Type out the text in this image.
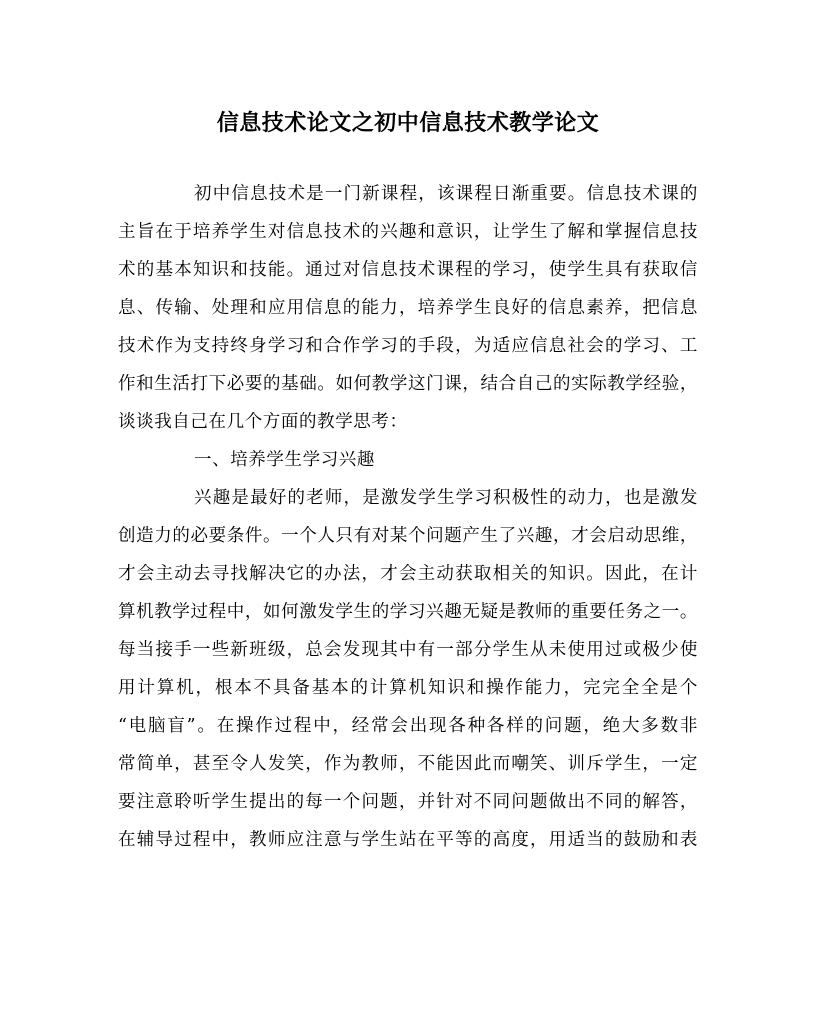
信息技术论文之初中信息技术教学论文
初中信息技术是一门新课程，该课程日渐重要。信息技术课的
主旨在于培养学生对信息技术的兴趣和意识，让学生了解和掌握信息技
术的基本知识和技能。通过对信息技术课程的学习，使学生具有获取信
息、传输、处理和应用信息的能力，培养学生良好的信息素养，把信息
技术作为支持终身学习和合作学习的手段，为适应信息社会的学习、工
作和生活打下必要的基础。如何教学这门课，结合自己的实际教学经验，
谈谈我自己在几个方面的教学思考：
一、培养学生学习兴趣
兴趣是最好的老师，是激发学生学习积极性的动力，也是激发
创造力的必要条件。一个人只有对某个问题产生了兴趣，才会启动思维，
才会主动去寻找解决它的办法，才会主动获取相关的知识。因此，在计
算机教学过程中，如何激发学生的学习兴趣无疑是教师的重要任务之一。
每当接手一些新班级，总会发现其中有一部分学生从未使用过或极少使
用计算机，根本不具备基本的计算机知识和操作能力，完完全全是个
“电脑盲”。在操作过程中，经常会出现各种各样的问题，绝大多数非
常简单，甚至令人发笑，作为教师，不能因此而嘲笑、训斥学生，一定
要注意聆听学生提出的每一个问题，并针对不同问题做出不同的解答，
在辅导过程中，教师应注意与学生站在平等的高度，用适当的鼓励和表
